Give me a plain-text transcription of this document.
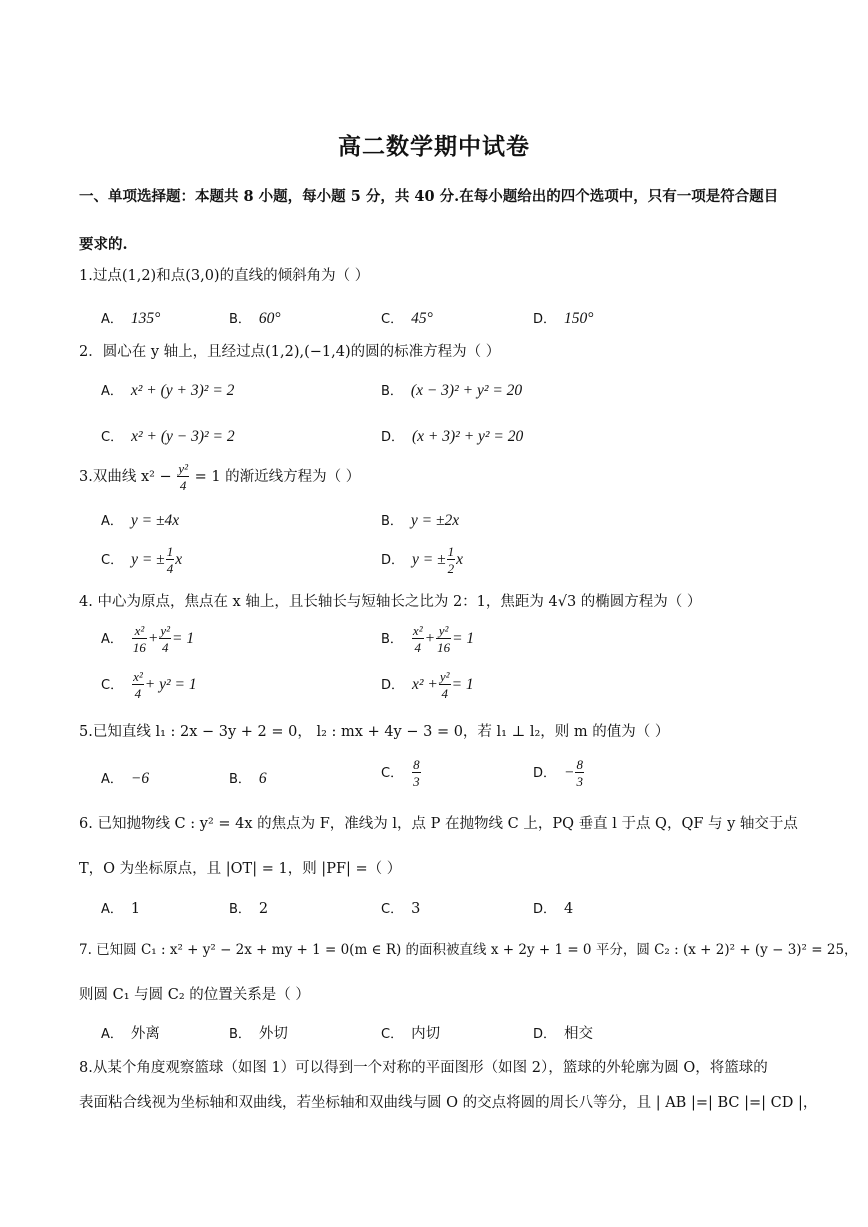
高二数学期中试卷
一、单项选择题：本题共 8 小题，每小题 5 分，共 40 分.在每小题给出的四个选项中，只有一项是符合题目要求的.
1.过点(1,2)和点(3,0)的直线的倾斜角为（ ）
A． 135°	B． 60°	C． 45°	D． 150°
2．圆心在 y 轴上，且经过点(1,2),(−1,4)的圆的标准方程为（ ）
A． x² + (y + 3)² = 2	B． (x − 3)² + y² = 20
C． x² + (y − 3)² = 2	D． (x + 3)² + y² = 20
3.双曲线 $x^2 - \frac{\text{y²}}{4} = 1$ 的渐近线方程为（ ）
A． y = ±4x	B． y = ±2x
C． y = ± $\frac{1}{4}$ x	D． y = ± $\frac{1}{2}$ x
4. 中心为原点，焦点在 x 轴上，且长轴长与短轴长之比为 2：1，焦距为 4√3 的椭圆方程为（ ）
A． $\frac{\text{x²}}{16} + \frac{\text{y²}}{4} = 1$	B． $\frac{\text{x²}}{4} + \frac{\text{y²}}{16} = 1$
C． $\frac{\text{x²}}{4} + y^2 = 1$	D． $x^2 + \frac{\text{y²}}{4} = 1$
5.已知直线 l₁ : 2x − 3y + 2 = 0， l₂ : mx + 4y − 3 = 0，若 l₁ ⊥ l₂，则 m 的值为（ ）
A． −6	B． 6	C． $\frac{8}{3}$	D． − $\frac{8}{3}$
6. 已知抛物线 C : y² = 4x 的焦点为 F，准线为 l，点 P 在抛物线 C 上，PQ 垂直 l 于点 Q，QF 与 y 轴交于点
T，O 为坐标原点，且 |OT| = 1，则 |PF| =（ ）
A． 1	B． 2	C． 3	D． 4
7. 已知圆 C₁ : x² + y² − 2x + my + 1 = 0(m ∈ R) 的面积被直线 x + 2y + 1 = 0 平分，圆 C₂ : (x + 2)² + (y − 3)² = 25，
则圆 C₁ 与圆 C₂ 的位置关系是（ ）
A． 外离	B． 外切	C． 内切	D． 相交
8.从某个角度观察篮球（如图 1）可以得到一个对称的平面图形（如图 2），篮球的外轮廓为圆 O，将篮球的
表面粘合线视为坐标轴和双曲线，若坐标轴和双曲线与圆 O 的交点将圆的周长八等分，且 | AB |=| BC |=| CD |，
